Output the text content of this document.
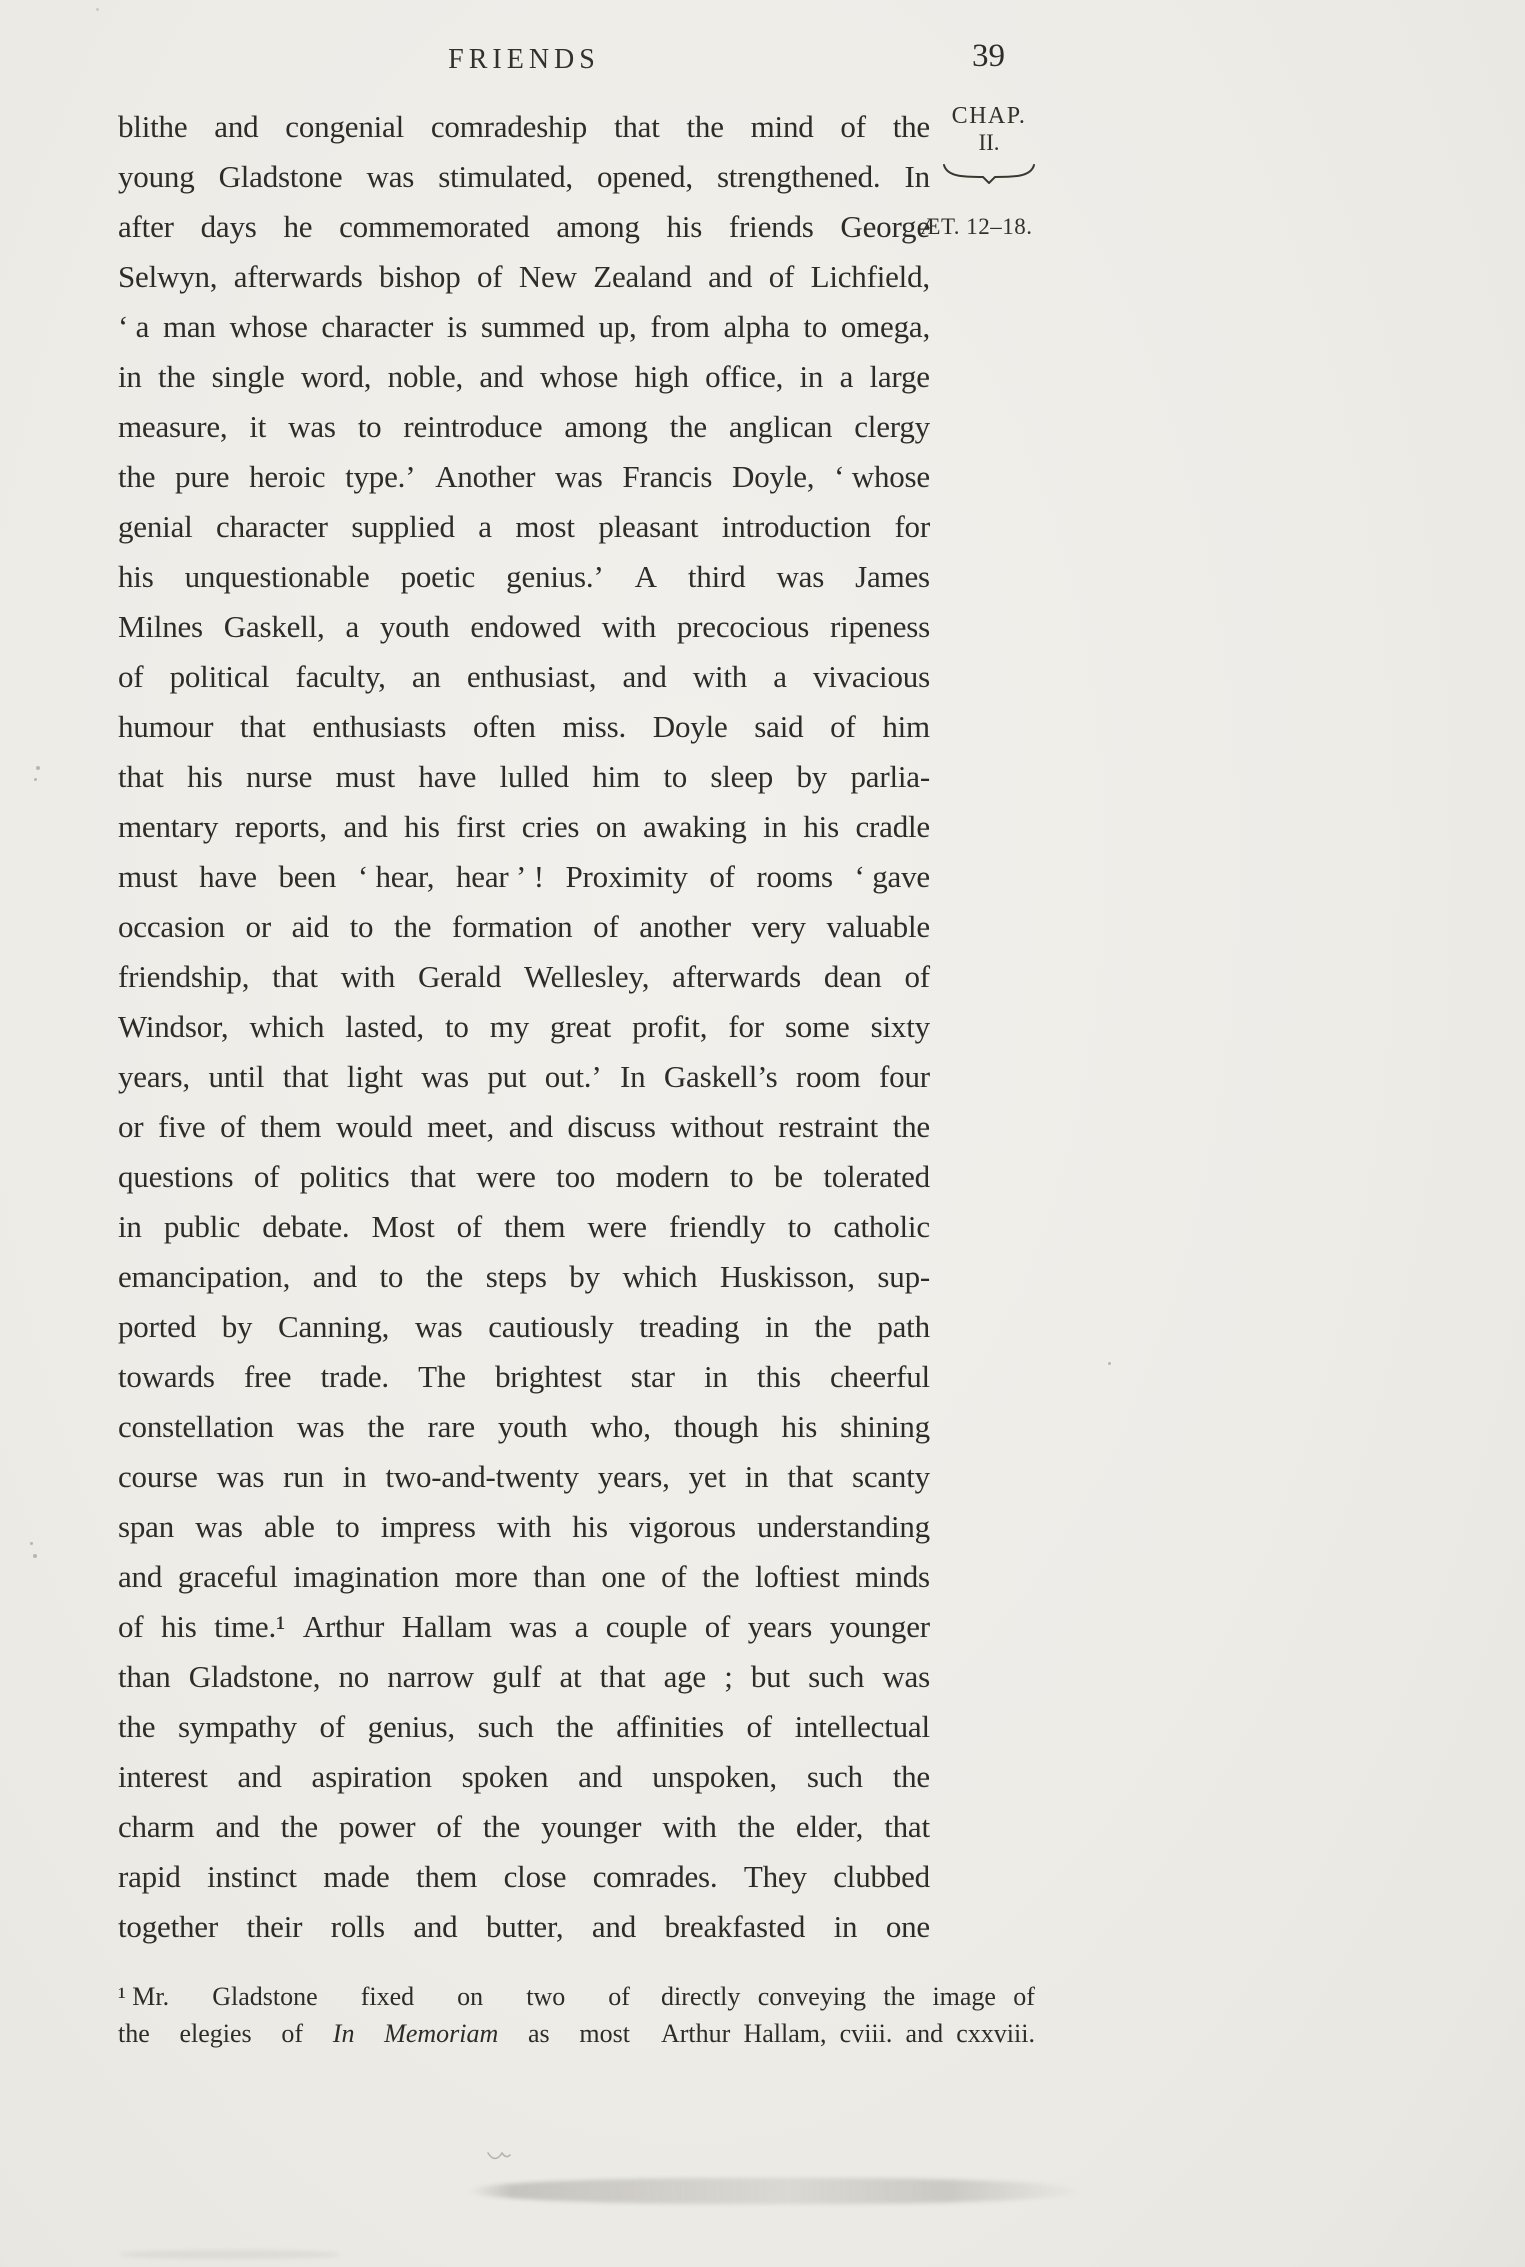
FRIENDS	39
blithe and congenial comradeship that the mind of the
young Gladstone was stimulated, opened, strengthened. In
after days he commemorated among his friends George
Selwyn, afterwards bishop of New Zealand and of Lichfield,
‘ a man whose character is summed up, from alpha to omega,
in the single word, noble, and whose high office, in a large
measure, it was to reintroduce among the anglican clergy
the pure heroic type.’ Another was Francis Doyle, ‘ whose
genial character supplied a most pleasant introduction for
his unquestionable poetic genius.’ A third was James
Milnes Gaskell, a youth endowed with precocious ripeness
of political faculty, an enthusiast, and with a vivacious
humour that enthusiasts often miss. Doyle said of him
that his nurse must have lulled him to sleep by parlia-
mentary reports, and his first cries on awaking in his cradle
must have been ‘ hear, hear ’ ! Proximity of rooms ‘ gave
occasion or aid to the formation of another very valuable
friendship, that with Gerald Wellesley, afterwards dean of
Windsor, which lasted, to my great profit, for some sixty
years, until that light was put out.’ In Gaskell’s room four
or five of them would meet, and discuss without restraint the
questions of politics that were too modern to be tolerated
in public debate. Most of them were friendly to catholic
emancipation, and to the steps by which Huskisson, sup-
ported by Canning, was cautiously treading in the path
towards free trade. The brightest star in this cheerful
constellation was the rare youth who, though his shining
course was run in two-and-twenty years, yet in that scanty
span was able to impress with his vigorous understanding
and graceful imagination more than one of the loftiest minds
of his time.¹ Arthur Hallam was a couple of years younger
than Gladstone, no narrow gulf at that age ; but such was
the sympathy of genius, such the affinities of intellectual
interest and aspiration spoken and unspoken, such the
charm and the power of the younger with the elder, that
rapid instinct made them close comrades. They clubbed
together their rolls and butter, and breakfasted in one
CHAP.
II.
ÆT. 12–18.
¹ Mr. Gladstone fixed on two of
the elegies of In Memoriam as most
directly conveying the image of
Arthur Hallam, cviii. and cxxviii.
